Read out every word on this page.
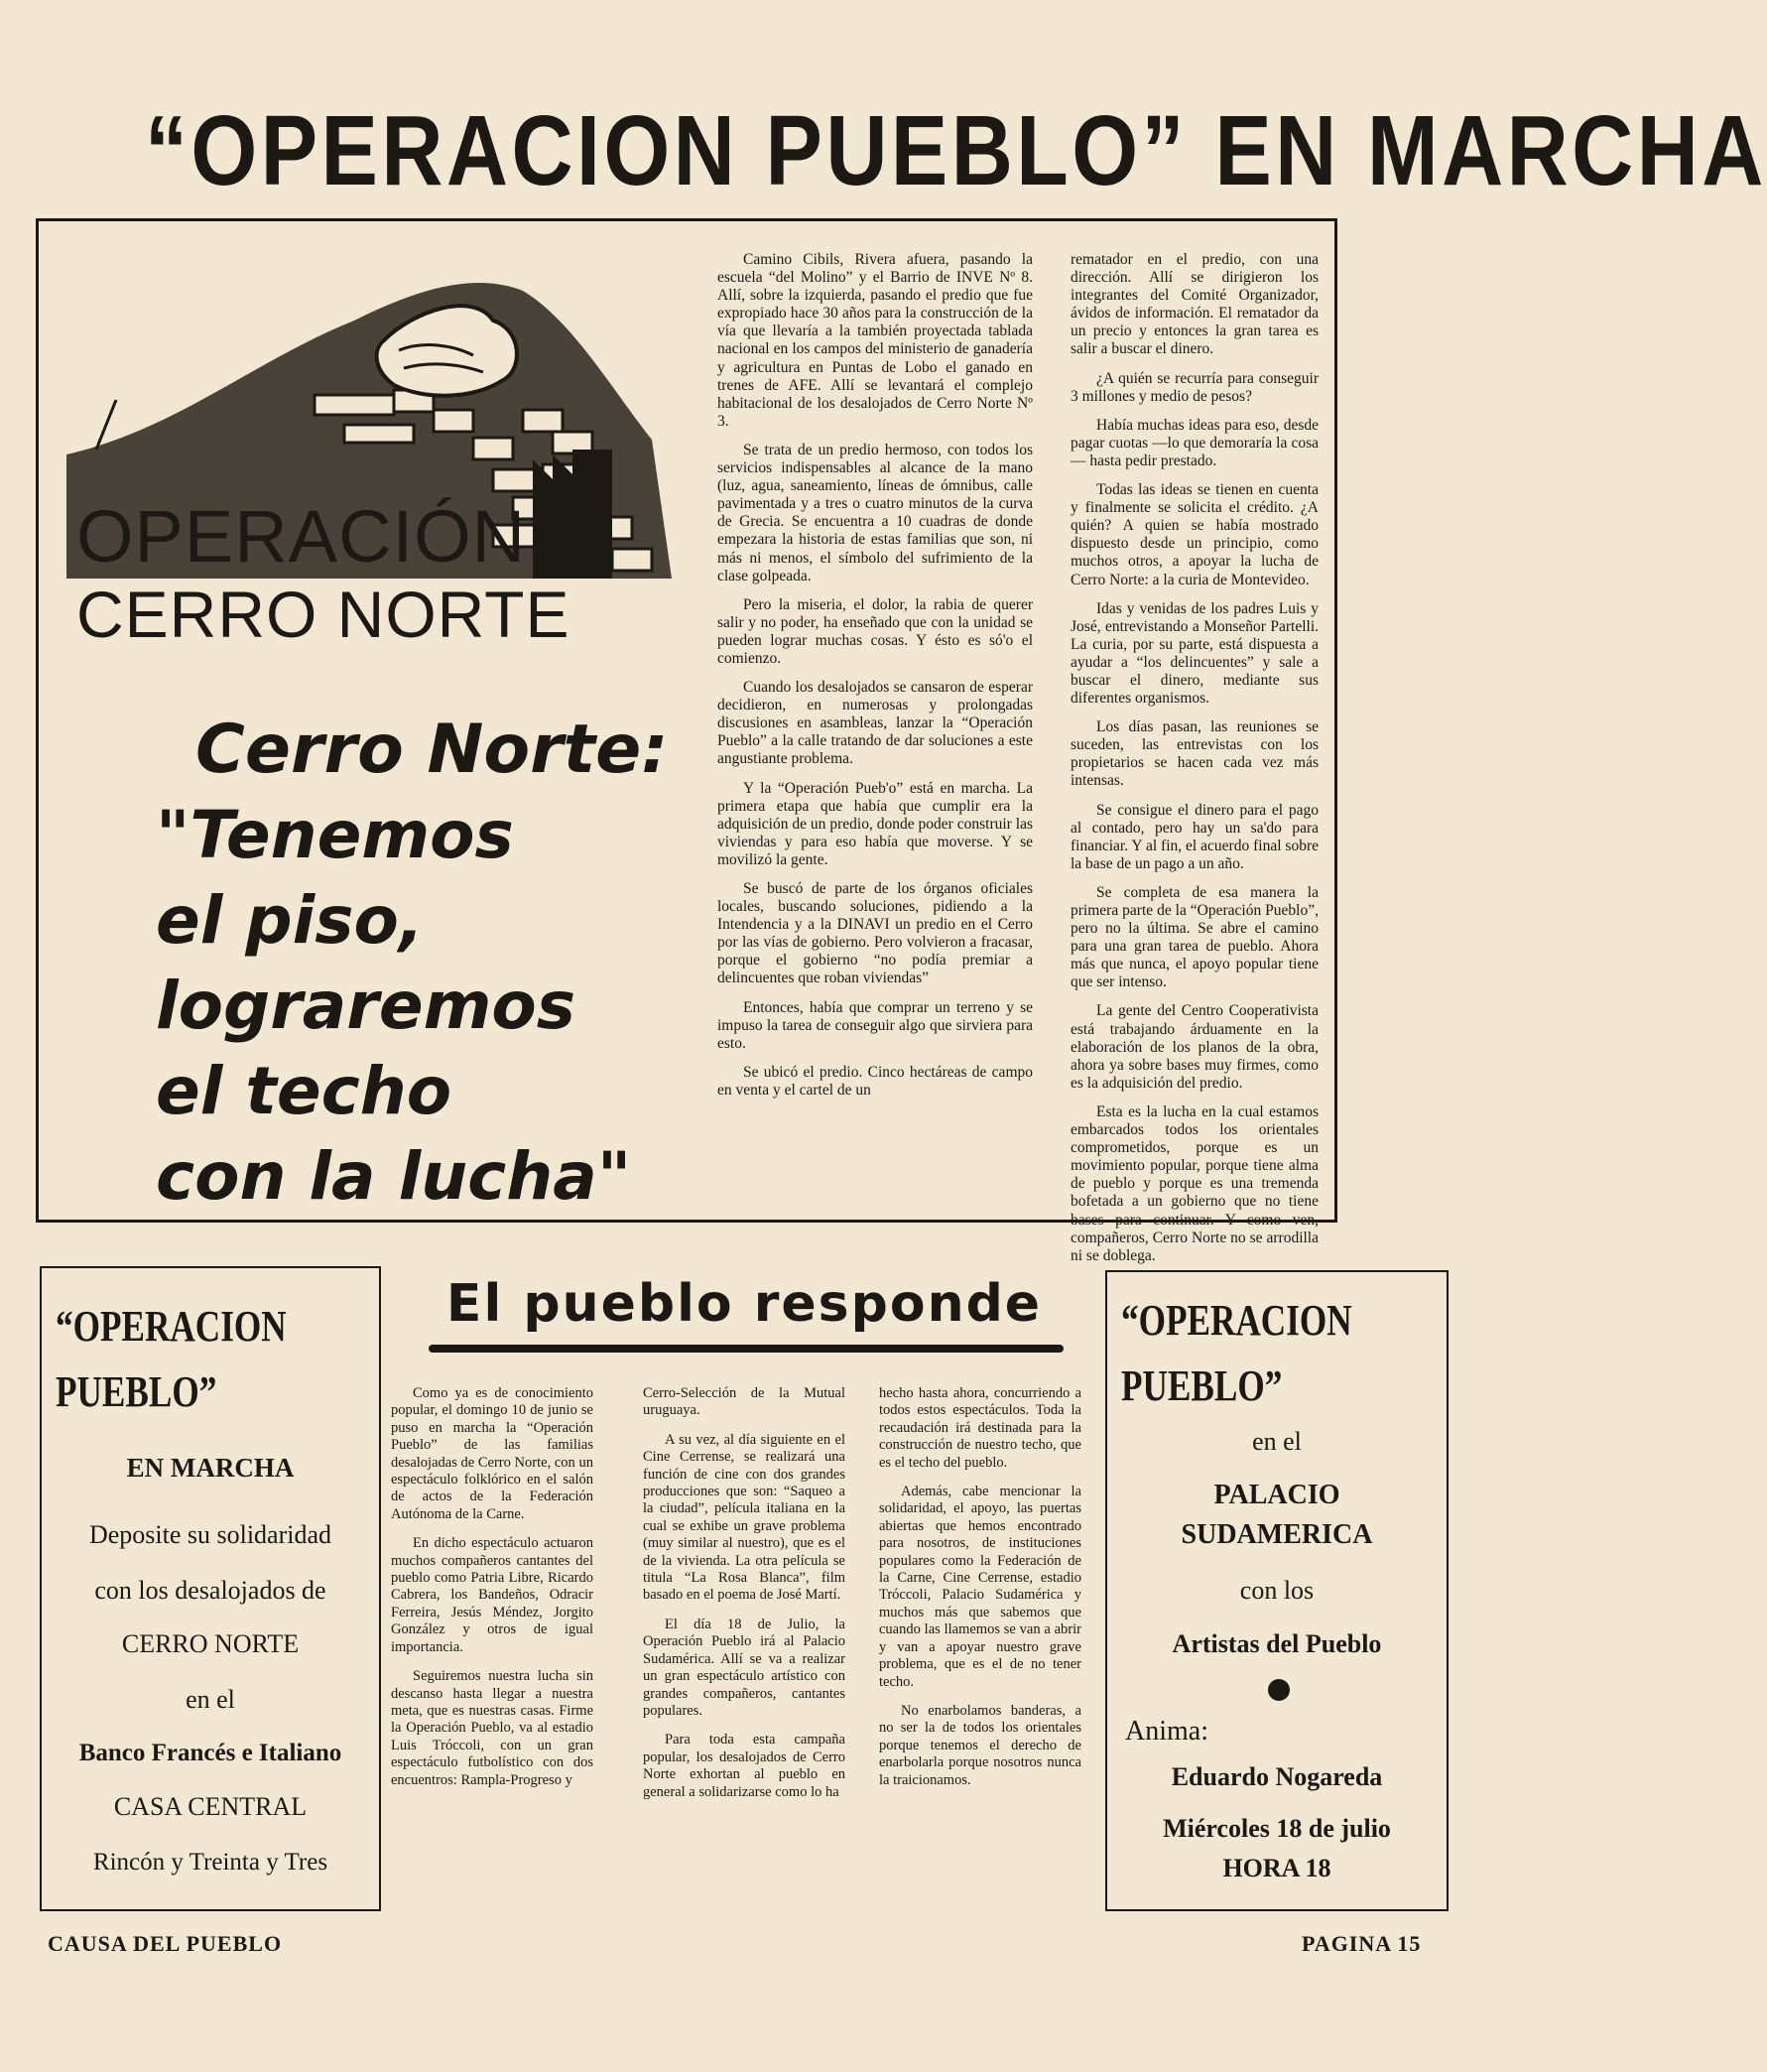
“OPERACION PUEBLO” EN MARCHA
OPERACIÓN
CERRO NORTE
Cerro Norte:
"Tenemos
el piso,
lograremos
el techo
con la lucha"

Camino Cibils, Rivera afuera, pasando la escuela “del Molino” y el Barrio de INVE Nº 8. Allí, sobre la izquierda, pasando el predio que fue expropiado hace 30 años para la construcción de la vía que llevaría a la también proyectada tablada nacional en los campos del ministerio de ganadería y agricultura en Puntas de Lobo el ganado en trenes de AFE. Allí se levantará el complejo habitacional de los desalojados de Cerro Norte Nº 3.

Se trata de un predio hermoso, con todos los servicios indispensables al alcance de la mano (luz, agua, saneamiento, líneas de ómnibus, calle pavimentada y a tres o cuatro minutos de la curva de Grecia. Se encuentra a 10 cuadras de donde empezara la historia de estas familias que son, ni más ni menos, el símbolo del sufrimiento de la clase golpeada.

Pero la miseria, el dolor, la rabia de querer salir y no poder, ha enseñado que con la unidad se pueden lograr muchas cosas. Y ésto es só'o el comienzo.

Cuando los desalojados se cansaron de esperar decidieron, en numerosas y prolongadas discusiones en asambleas, lanzar la “Operación Pueblo” a la calle tratando de dar soluciones a este angustiante problema.

Y la “Operación Pueb'o” está en marcha. La primera etapa que había que cumplir era la adquisición de un predio, donde poder construir las viviendas y para eso había que moverse. Y se movilizó la gente.

Se buscó de parte de los órganos oficiales locales, buscando soluciones, pidiendo a la Intendencia y a la DINAVI un predio en el Cerro por las vías de gobierno. Pero volvieron a fracasar, porque el gobierno “no podía premiar a delincuentes que roban viviendas”

Entonces, había que comprar un terreno y se impuso la tarea de conseguir algo que sirviera para esto.

Se ubicó el predio. Cinco hectáreas de campo en venta y el cartel de un

rematador en el predio, con una dirección. Allí se dirigieron los integrantes del Comité Organizador, ávidos de información. El rematador da un precio y entonces la gran tarea es salir a buscar el dinero.

¿A quién se recurría para conseguir 3 millones y medio de pesos?

Había muchas ideas para eso, desde pagar cuotas —lo que demoraría la cosa— hasta pedir prestado.

Todas las ideas se tienen en cuenta y finalmente se solicita el crédito. ¿A quién? A quien se había mostrado dispuesto desde un principio, como muchos otros, a apoyar la lucha de Cerro Norte: a la curia de Montevideo.

Idas y venidas de los padres Luis y José, entrevistando a Monseñor Partelli. La curia, por su parte, está dispuesta a ayudar a “los delincuentes” y sale a buscar el dinero, mediante sus diferentes organismos.

Los días pasan, las reuniones se suceden, las entrevistas con los propietarios se hacen cada vez más intensas.

Se consigue el dinero para el pago al contado, pero hay un sa'do para financiar. Y al fin, el acuerdo final sobre la base de un pago a un año.

Se completa de esa manera la primera parte de la “Operación Pueblo”, pero no la última. Se abre el camino para una gran tarea de pueblo. Ahora más que nunca, el apoyo popular tiene que ser intenso.

La gente del Centro Cooperativista está trabajando árduamente en la elaboración de los planos de la obra, ahora ya sobre bases muy firmes, como es la adquisición del predio.

Esta es la lucha en la cual estamos embarcados todos los orientales comprometidos, porque es un movimiento popular, porque tiene alma de pueblo y porque es una tremenda bofetada a un gobierno que no tiene bases para continuar. Y como ven, compañeros, Cerro Norte no se arrodilla ni se doblega.

“OPERACION
PUEBLO”
EN MARCHA
Deposite su solidaridad
con los desalojados de
CERRO NORTE
en el
Banco Francés e Italiano
CASA CENTRAL
Rincón y Treinta y Tres
El pueblo responde

Como ya es de conocimiento popular, el domingo 10 de junio se puso en marcha la “Operación Pueblo” de las familias desalojadas de Cerro Norte, con un espectáculo folklórico en el salón de actos de la Federación Autónoma de la Carne.

En dicho espectáculo actuaron muchos compañeros cantantes del pueblo como Patria Libre, Ricardo Cabrera, los Bandeños, Odracir Ferreira, Jesús Méndez, Jorgito González y otros de igual importancia.

Seguiremos nuestra lucha sin descanso hasta llegar a nuestra meta, que es nuestras casas. Firme la Operación Pueblo, va al estadio Luis Tróccoli, con un gran espectáculo futbolístico con dos encuentros: Rampla-Progreso y

Cerro-Selección de la Mutual uruguaya.

A su vez, al día siguiente en el Cine Cerrense, se realizará una función de cine con dos grandes producciones que son: “Saqueo a la ciudad”, película italiana en la cual se exhibe un grave problema (muy similar al nuestro), que es el de la vivienda. La otra película se titula “La Rosa Blanca”, film basado en el poema de José Martí.

El día 18 de Julio, la Operación Pueblo irá al Palacio Sudamérica. Allí se va a realizar un gran espectáculo artístico con grandes compañeros, cantantes populares.

Para toda esta campaña popular, los desalojados de Cerro Norte exhortan al pueblo en general a solidarizarse como lo ha

hecho hasta ahora, concurriendo a todos estos espectáculos. Toda la recaudación irá destinada para la construcción de nuestro techo, que es el techo del pueblo.

Además, cabe mencionar la solidaridad, el apoyo, las puertas abiertas que hemos encontrado para nosotros, de instituciones populares como la Federación de la Carne, Cine Cerrense, estadio Tróccoli, Palacio Sudamérica y muchos más que sabemos que cuando las llamemos se van a abrir y van a apoyar nuestro grave problema, que es el de no tener techo.

No enarbolamos banderas, a no ser la de todos los orientales porque tenemos el derecho de enarbolarla porque nosotros nunca la traicionamos.

“OPERACION
PUEBLO”
en el
PALACIO
SUDAMERICA
con los
Artistas del Pueblo
Anima:
Eduardo Nogareda
Miércoles 18 de julio
HORA 18
CAUSA DEL PUEBLO	PAGINA 15
